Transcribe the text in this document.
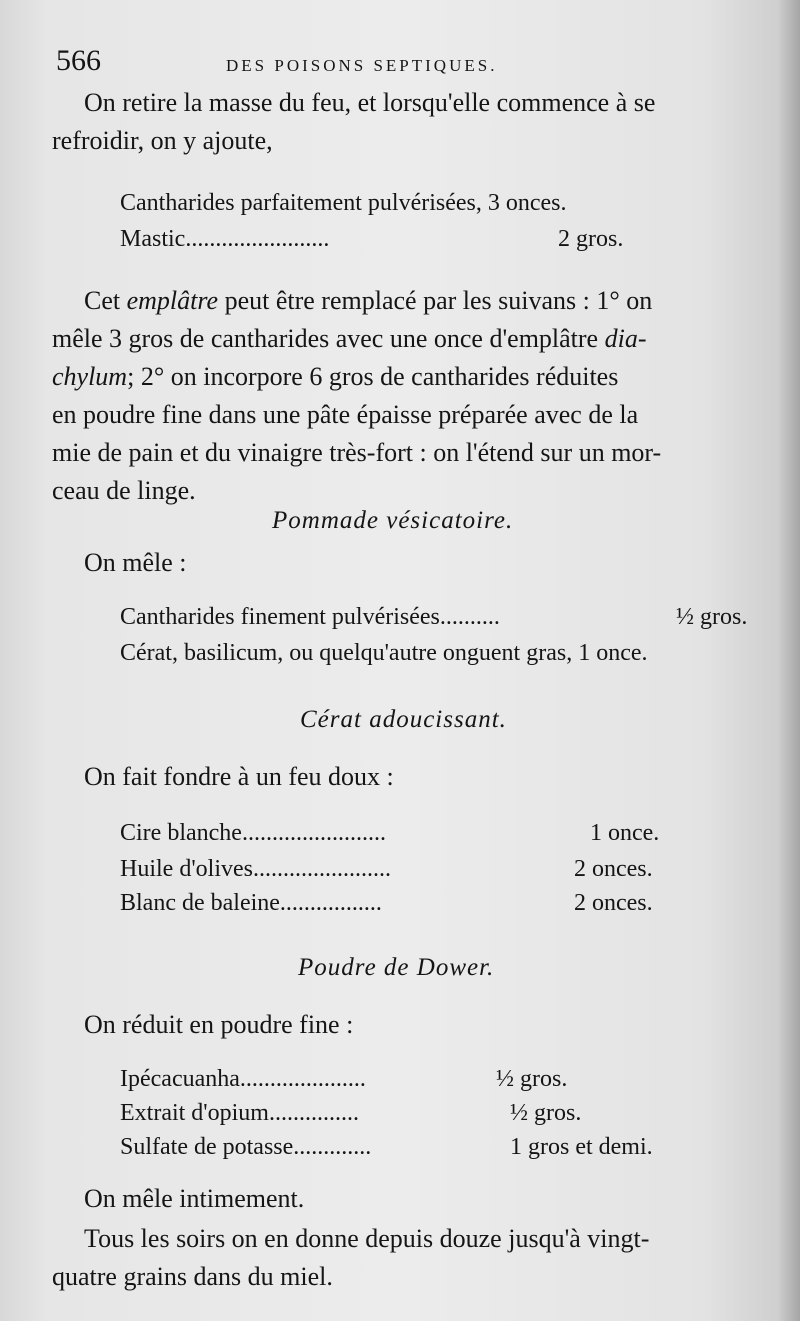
566	DES POISONS SEPTIQUES.
On retire la masse du feu, et lorsqu'elle commence à se
refroidir, on y ajoute,
Cantharides parfaitement pulvérisées, 3 onces.
Mastic........................	2 gros.
Cet emplâtre peut être remplacé par les suivans : 1° on
mêle 3 gros de cantharides avec une once d'emplâtre dia-
chylum; 2° on incorpore 6 gros de cantharides réduites
en poudre fine dans une pâte épaisse préparée avec de la
mie de pain et du vinaigre très-fort : on l'étend sur un mor-
ceau de linge.
Pommade vésicatoire.
On mêle :
Cantharides finement pulvérisées..........	½ gros.
Cérat, basilicum, ou quelqu'autre onguent gras, 1 once.
Cérat adoucissant.
On fait fondre à un feu doux :
Cire blanche........................	1 once.
Huile d'olives.......................	2 onces.
Blanc de baleine.................	2 onces.
Poudre de Dower.
On réduit en poudre fine :
Ipécacuanha.....................	½ gros.
Extrait d'opium...............	½ gros.
Sulfate de potasse.............	1 gros et demi.
On mêle intimement.
Tous les soirs on en donne depuis douze jusqu'à vingt-
quatre grains dans du miel.
